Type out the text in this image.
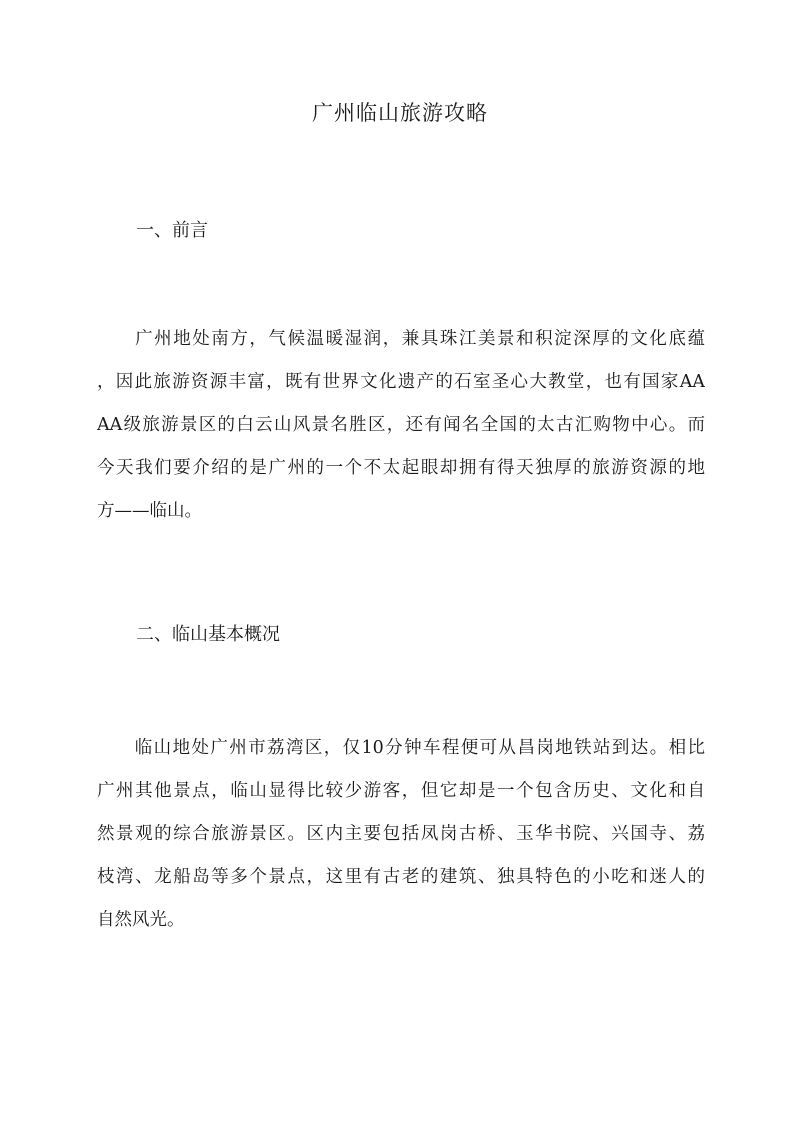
广州临山旅游攻略
一、前言
　　广州地处南方，气候温暖湿润，兼具珠江美景和积淀深厚的文化底蕴
，因此旅游资源丰富，既有世界文化遗产的石室圣心大教堂，也有国家AA
AA级旅游景区的白云山风景名胜区，还有闻名全国的太古汇购物中心。而
今天我们要介绍的是广州的一个不太起眼却拥有得天独厚的旅游资源的地
方——临山。
二、临山基本概况
　　临山地处广州市荔湾区，仅10分钟车程便可从昌岗地铁站到达。相比
广州其他景点，临山显得比较少游客，但它却是一个包含历史、文化和自
然景观的综合旅游景区。区内主要包括凤岗古桥、玉华书院、兴国寺、荔
枝湾、龙船岛等多个景点，这里有古老的建筑、独具特色的小吃和迷人的
自然风光。
